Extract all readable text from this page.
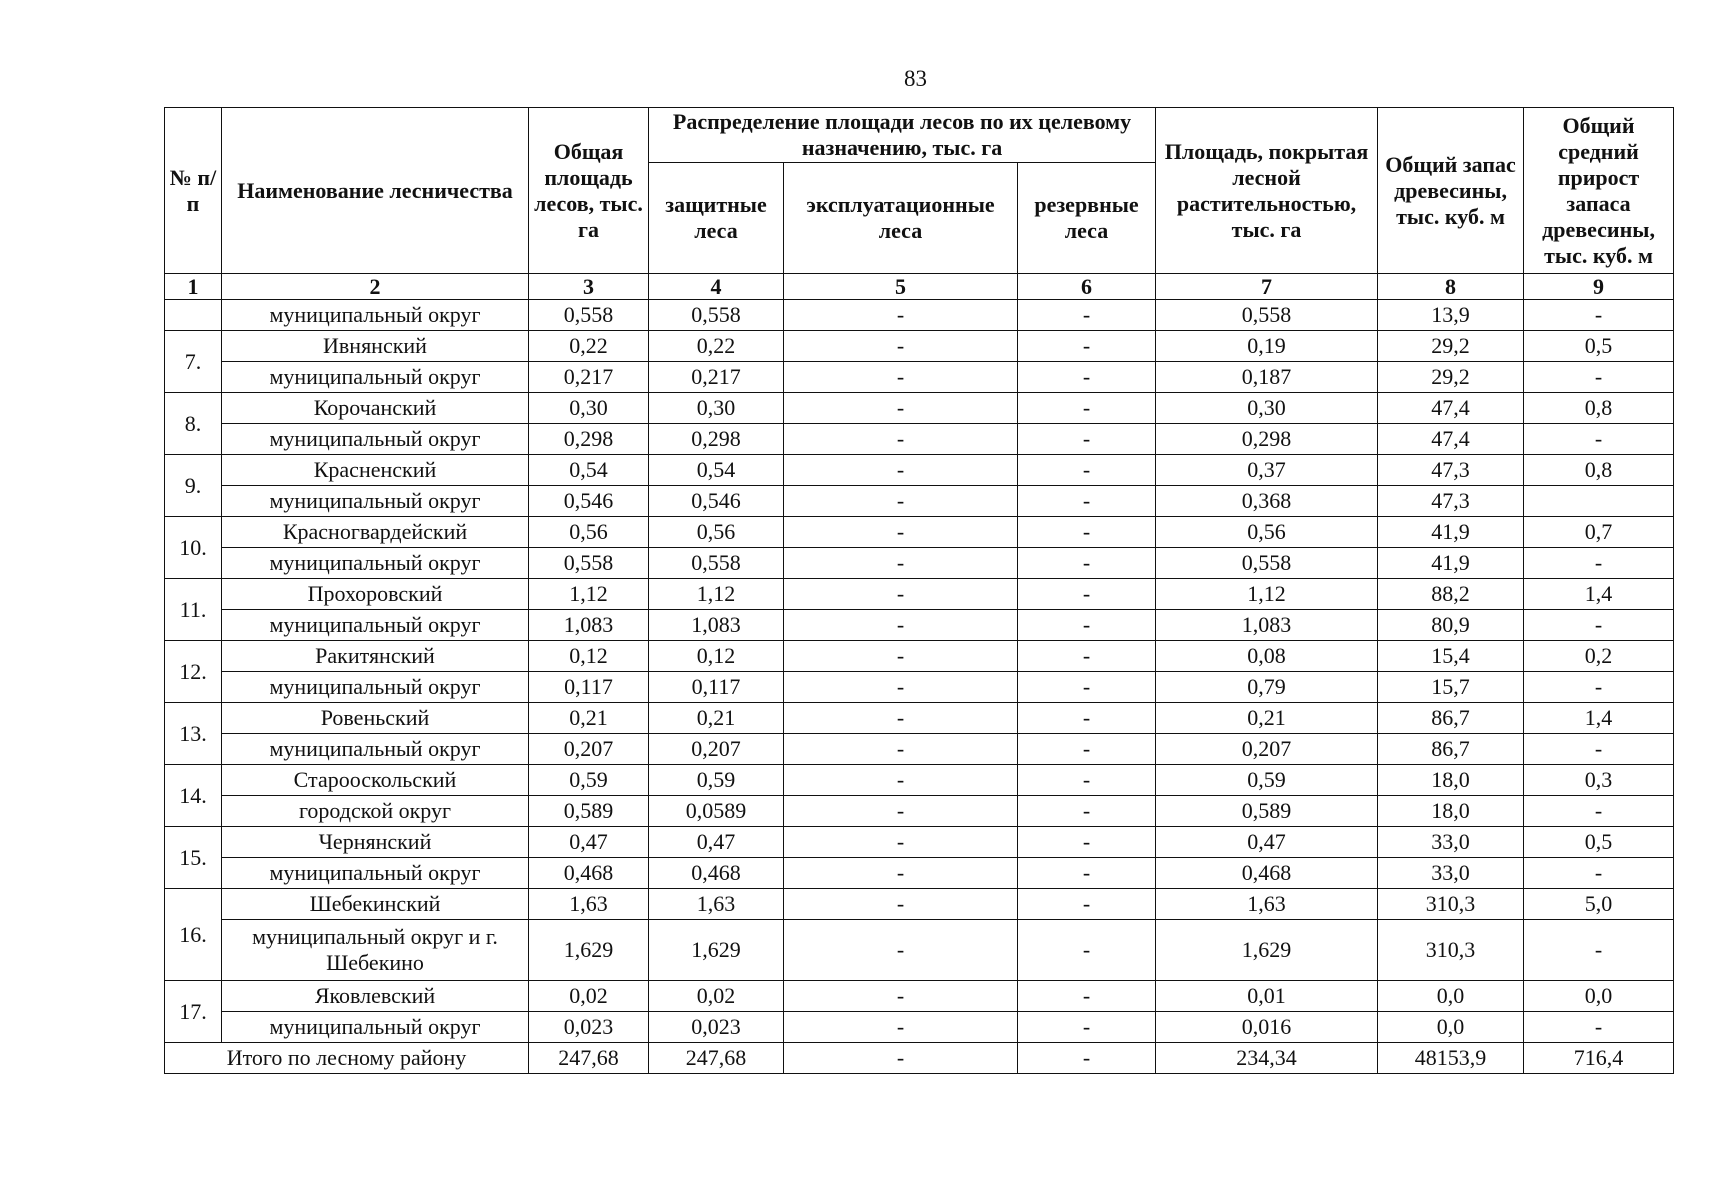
83
№ п/п	Наименование лесничества	Общая площадь лесов, тыс. га	Распределение площади лесов по их целевому назначению, тыс. га			Площадь, покрытая лесной растительностью, тыс. га	Общий запас древесины, тыс. куб. м	Общий средний прирост запаса древесины, тыс. куб. м
			защитные леса	эксплуатационные леса	резервные леса			
1	2	3	4	5	6	7	8	9
	муниципальный округ	0,558	0,558	-	-	0,558	13,9	-
7.	Ивнянский	0,22	0,22	-	-	0,19	29,2	0,5
	муниципальный округ	0,217	0,217	-	-	0,187	29,2	-
8.	Корочанский	0,30	0,30	-	-	0,30	47,4	0,8
	муниципальный округ	0,298	0,298	-	-	0,298	47,4	-
9.	Красненский	0,54	0,54	-	-	0,37	47,3	0,8
	муниципальный округ	0,546	0,546	-	-	0,368	47,3	
10.	Красногвардейский	0,56	0,56	-	-	0,56	41,9	0,7
	муниципальный округ	0,558	0,558	-	-	0,558	41,9	-
11.	Прохоровский	1,12	1,12	-	-	1,12	88,2	1,4
	муниципальный округ	1,083	1,083	-	-	1,083	80,9	-
12.	Ракитянский	0,12	0,12	-	-	0,08	15,4	0,2
	муниципальный округ	0,117	0,117	-	-	0,79	15,7	-
13.	Ровеньский	0,21	0,21	-	-	0,21	86,7	1,4
	муниципальный округ	0,207	0,207	-	-	0,207	86,7	-
14.	Старооскольский	0,59	0,59	-	-	0,59	18,0	0,3
	городской округ	0,589	0,0589	-	-	0,589	18,0	-
15.	Чернянский	0,47	0,47	-	-	0,47	33,0	0,5
	муниципальный округ	0,468	0,468	-	-	0,468	33,0	-
16.	Шебекинский	1,63	1,63	-	-	1,63	310,3	5,0
	муниципальный округ и г. Шебекино	1,629	1,629	-	-	1,629	310,3	-
17.	Яковлевский	0,02	0,02	-	-	0,01	0,0	0,0
	муниципальный округ	0,023	0,023	-	-	0,016	0,0	-
Итого по лесному району		247,68	247,68	-	-	234,34	48153,9	716,4
